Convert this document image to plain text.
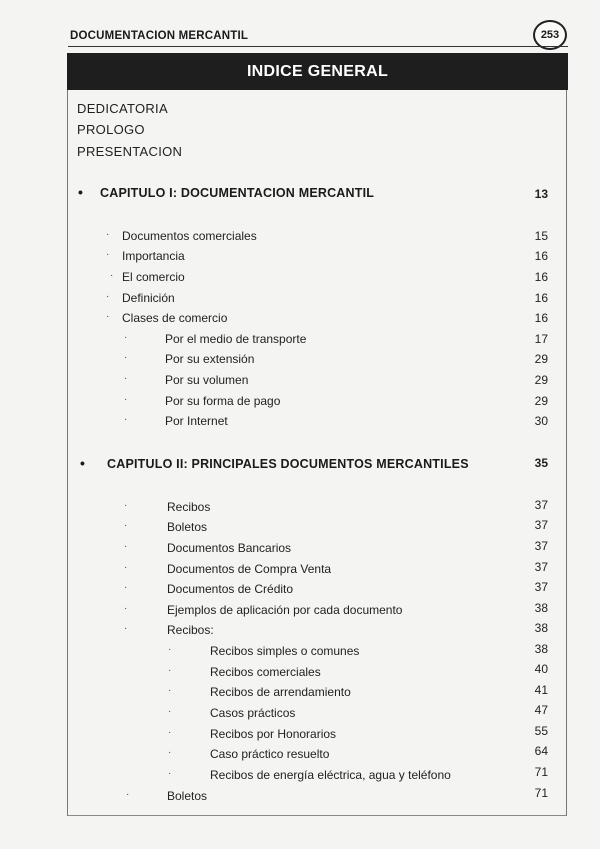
DOCUMENTACION MERCANTIL	253
INDICE GENERAL
DEDICATORIA
PROLOGO
PRESENTACION
• CAPITULO I: DOCUMENTACION MERCANTIL	13
· Documentos comerciales	15
· Importancia	16
· El comercio	16
· Definición	16
· Clases de comercio	16
·	Por el medio de transporte	17
·	Por su extensión	29
·	Por su volumen	29
·	Por su forma de pago	29
·	Por Internet	30
• CAPITULO II: PRINCIPALES DOCUMENTOS MERCANTILES	35
·	Recibos	37
·	Boletos	37
·	Documentos Bancarios	37
·	Documentos de Compra Venta	37
·	Documentos de Crédito	37
·	Ejemplos de aplicación por cada documento	38
·	Recibos:	38
·	Recibos simples o comunes	38
·	Recibos comerciales	40
·	Recibos de arrendamiento	41
·	Casos prácticos	47
·	Recibos por Honorarios	55
·	Caso práctico resuelto	64
·	Recibos de energía eléctrica, agua y teléfono	71
·	Boletos	71
